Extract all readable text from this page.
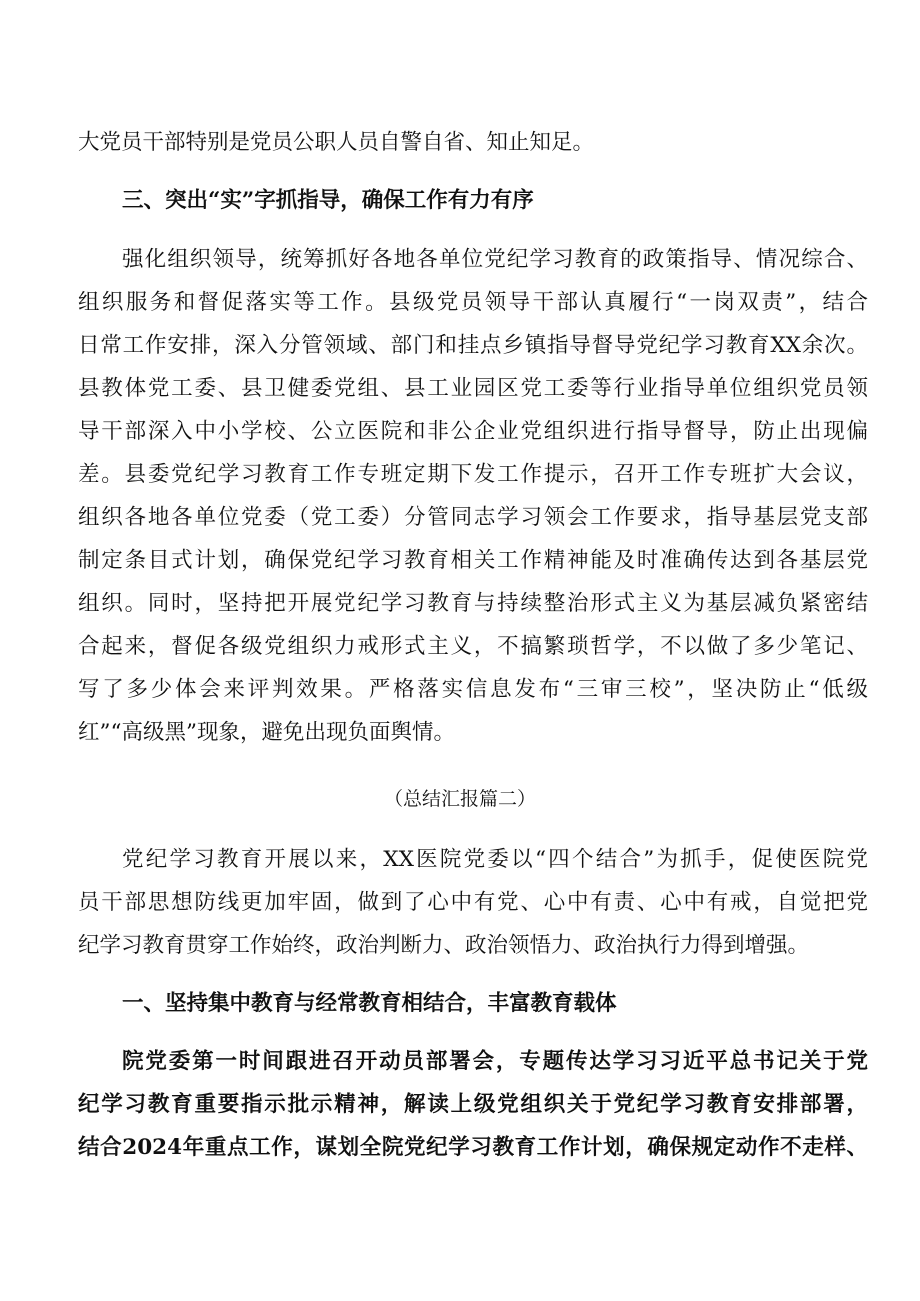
大党员干部特别是党员公职人员自警自省、知止知足。
三、突出“实”字抓指导，确保工作有力有序
强化组织领导，统筹抓好各地各单位党纪学习教育的政策指导、情况综合、
组织服务和督促落实等工作。县级党员领导干部认真履行“一岗双责”，结合
日常工作安排，深入分管领域、部门和挂点乡镇指导督导党纪学习教育XX余次。
县教体党工委、县卫健委党组、县工业园区党工委等行业指导单位组织党员领
导干部深入中小学校、公立医院和非公企业党组织进行指导督导，防止出现偏
差。县委党纪学习教育工作专班定期下发工作提示，召开工作专班扩大会议，
组织各地各单位党委（党工委）分管同志学习领会工作要求，指导基层党支部
制定条目式计划，确保党纪学习教育相关工作精神能及时准确传达到各基层党
组织。同时，坚持把开展党纪学习教育与持续整治形式主义为基层减负紧密结
合起来，督促各级党组织力戒形式主义，不搞繁琐哲学，不以做了多少笔记、
写了多少体会来评判效果。严格落实信息发布“三审三校”，坚决防止“低级
红”“高级黑”现象，避免出现负面舆情。
（总结汇报篇二）
党纪学习教育开展以来，XX医院党委以“四个结合”为抓手，促使医院党
员干部思想防线更加牢固，做到了心中有党、心中有责、心中有戒，自觉把党
纪学习教育贯穿工作始终，政治判断力、政治领悟力、政治执行力得到增强。
一、坚持集中教育与经常教育相结合，丰富教育载体
院党委第一时间跟进召开动员部署会，专题传达学习习近平总书记关于党
纪学习教育重要指示批示精神，解读上级党组织关于党纪学习教育安排部署，
结合2024年重点工作，谋划全院党纪学习教育工作计划，确保规定动作不走样、
